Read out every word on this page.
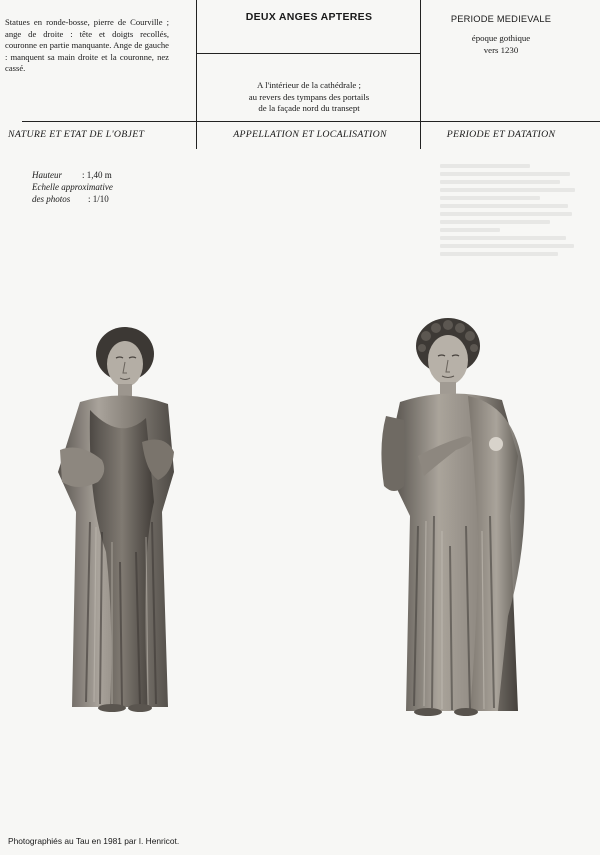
Statues en ronde-bosse, pierre de Courville ; ange de droite : tête et doigts recollés, couronne en partie manquante. Ange de gauche : manquent sa main droite et la couronne, nez cassé.
DEUX ANGES APTERES
A l'intérieur de la cathédrale ;
au revers des tympans des portails
de la façade nord du transept
PERIODE MEDIEVALE
époque gothique
vers 1230
NATURE ET ETAT DE L'OBJET	APPELLATION ET LOCALISATION	PERIODE ET DATATION
Hauteur : 1,40 m
Echelle approximative
des photos : 1/10
Photographiés au Tau en 1981 par I. Henricot.
